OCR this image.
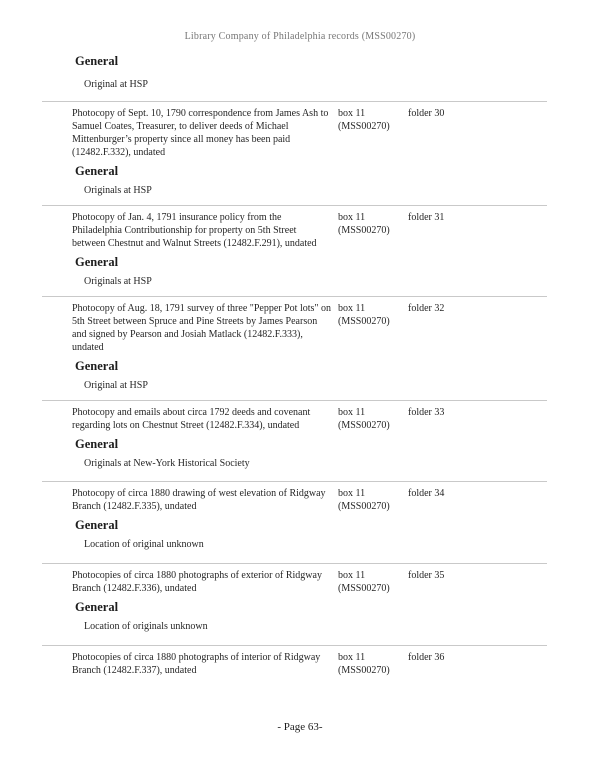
Library Company of Philadelphia records (MSS00270)
General
Original at HSP
Photocopy of Sept. 10, 1790 correspondence from James Ash to Samuel Coates, Treasurer, to deliver deeds of Michael Mittenburger’s property since all money has been paid (12482.F.332), undated
box 11
(MSS00270)
folder 30
General
Originals at HSP
Photocopy of Jan. 4, 1791 insurance policy from the Philadelphia Contributionship for property on 5th Street between Chestnut and Walnut Streets (12482.F.291), undated
box 11
(MSS00270)
folder 31
General
Originals at HSP
Photocopy of Aug. 18, 1791 survey of three "Pepper Pot lots" on 5th Street between Spruce and Pine Streets by James Pearson and signed by Pearson and Josiah Matlack (12482.F.333), undated
box 11
(MSS00270)
folder 32
General
Original at HSP
Photocopy and emails about circa 1792 deeds and covenant regarding lots on Chestnut Street (12482.F.334), undated
box 11
(MSS00270)
folder 33
General
Originals at New-York Historical Society
Photocopy of circa 1880 drawing of west elevation of Ridgway Branch (12482.F.335), undated
box 11
(MSS00270)
folder 34
General
Location of original unknown
Photocopies of circa 1880 photographs of exterior of Ridgway Branch (12482.F.336), undated
box 11
(MSS00270)
folder 35
General
Location of originals unknown
Photocopies of circa 1880 photographs of interior of Ridgway Branch (12482.F.337), undated
box 11
(MSS00270)
folder 36
- Page 63-
